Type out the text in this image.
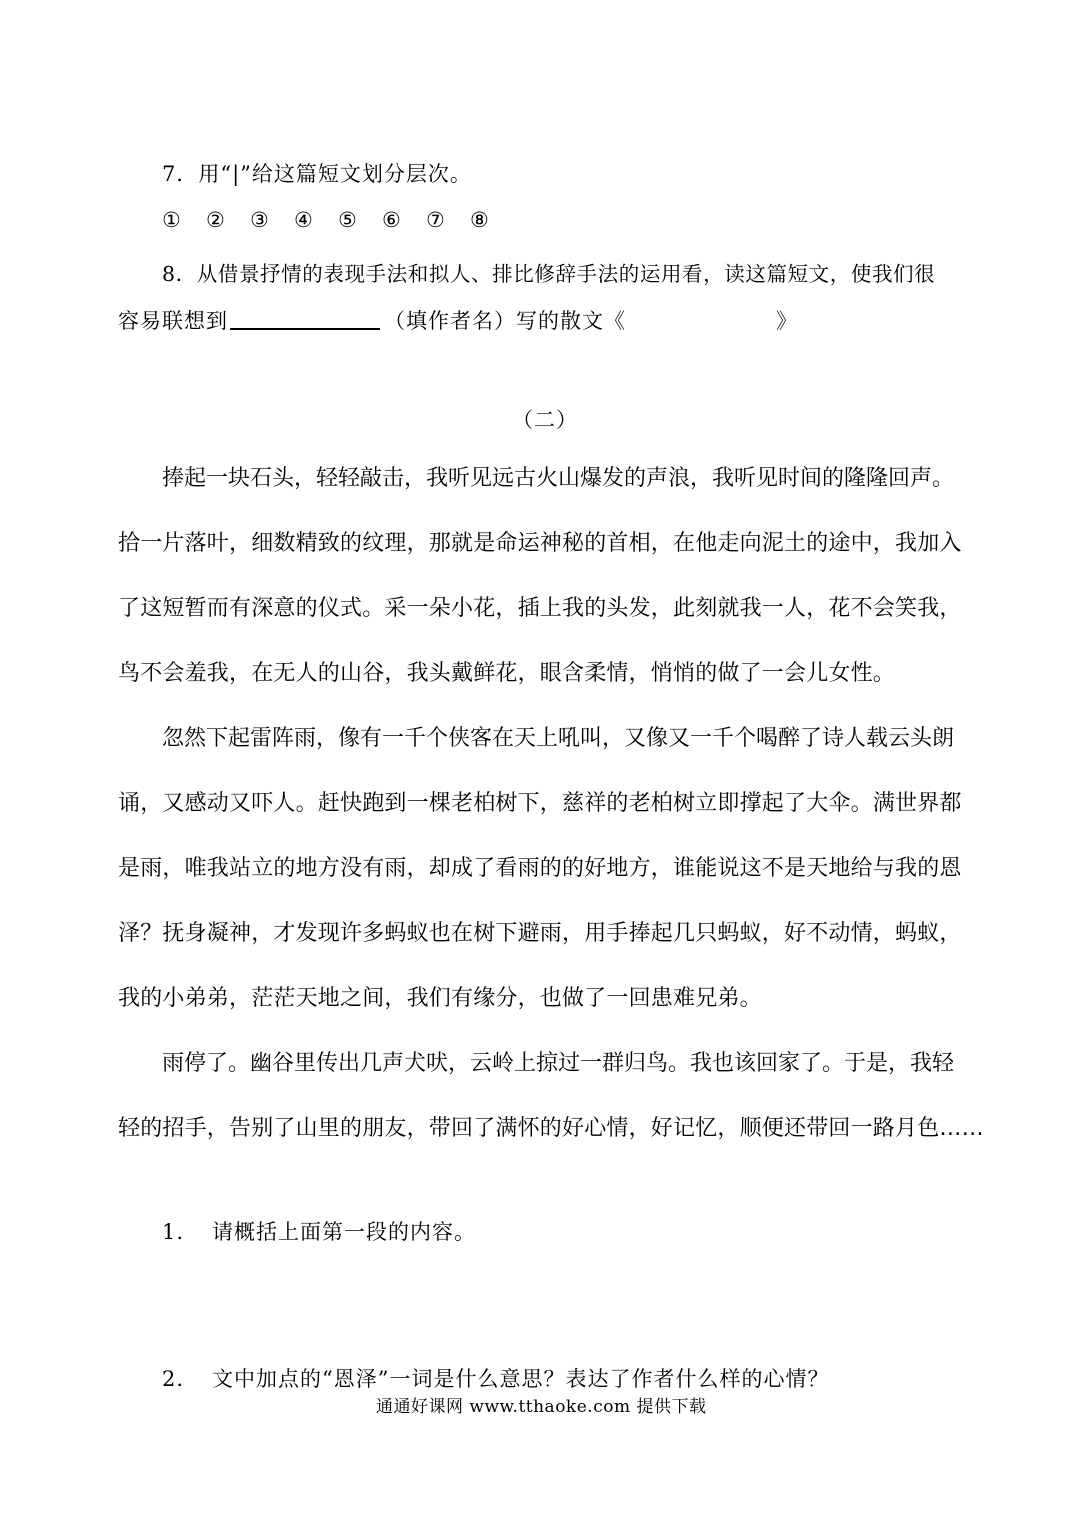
7．用“|”给这篇短文划分层次。
① ② ③ ④ ⑤ ⑥ ⑦ ⑧
8．从借景抒情的表现手法和拟人、排比修辞手法的运用看，读这篇短文，使我们很
容易联想到	（填作者名）写的散文《	》
（二）
捧起一块石头，轻轻敲击，我听见远古火山爆发的声浪，我听见时间的隆隆回声。
拾一片落叶，细数精致的纹理，那就是命运神秘的首相，在他走向泥土的途中，我加入
了这短暂而有深意的仪式。采一朵小花，插上我的头发，此刻就我一人，花不会笑我，
鸟不会羞我，在无人的山谷，我头戴鲜花，眼含柔情，悄悄的做了一会儿女性。
忽然下起雷阵雨，像有一千个侠客在天上吼叫，又像又一千个喝醉了诗人载云头朗
诵，又感动又吓人。赶快跑到一棵老柏树下，慈祥的老柏树立即撑起了大伞。满世界都
是雨，唯我站立的地方没有雨，却成了看雨的的好地方，谁能说这不是天地给与我的恩
泽？抚身凝神，才发现许多蚂蚁也在树下避雨，用手捧起几只蚂蚁，好不动情，蚂蚁，
我的小弟弟，茫茫天地之间，我们有缘分，也做了一回患难兄弟。
雨停了。幽谷里传出几声犬吠，云岭上掠过一群归鸟。我也该回家了。于是，我轻
轻的招手，告别了山里的朋友，带回了满怀的好心情，好记忆，顺便还带回一路月色……
1. 请概括上面第一段的内容。
2. 文中加点的“恩泽”一词是什么意思？表达了作者什么样的心情？
通通好课网 www.tthaoke.com 提供下载
